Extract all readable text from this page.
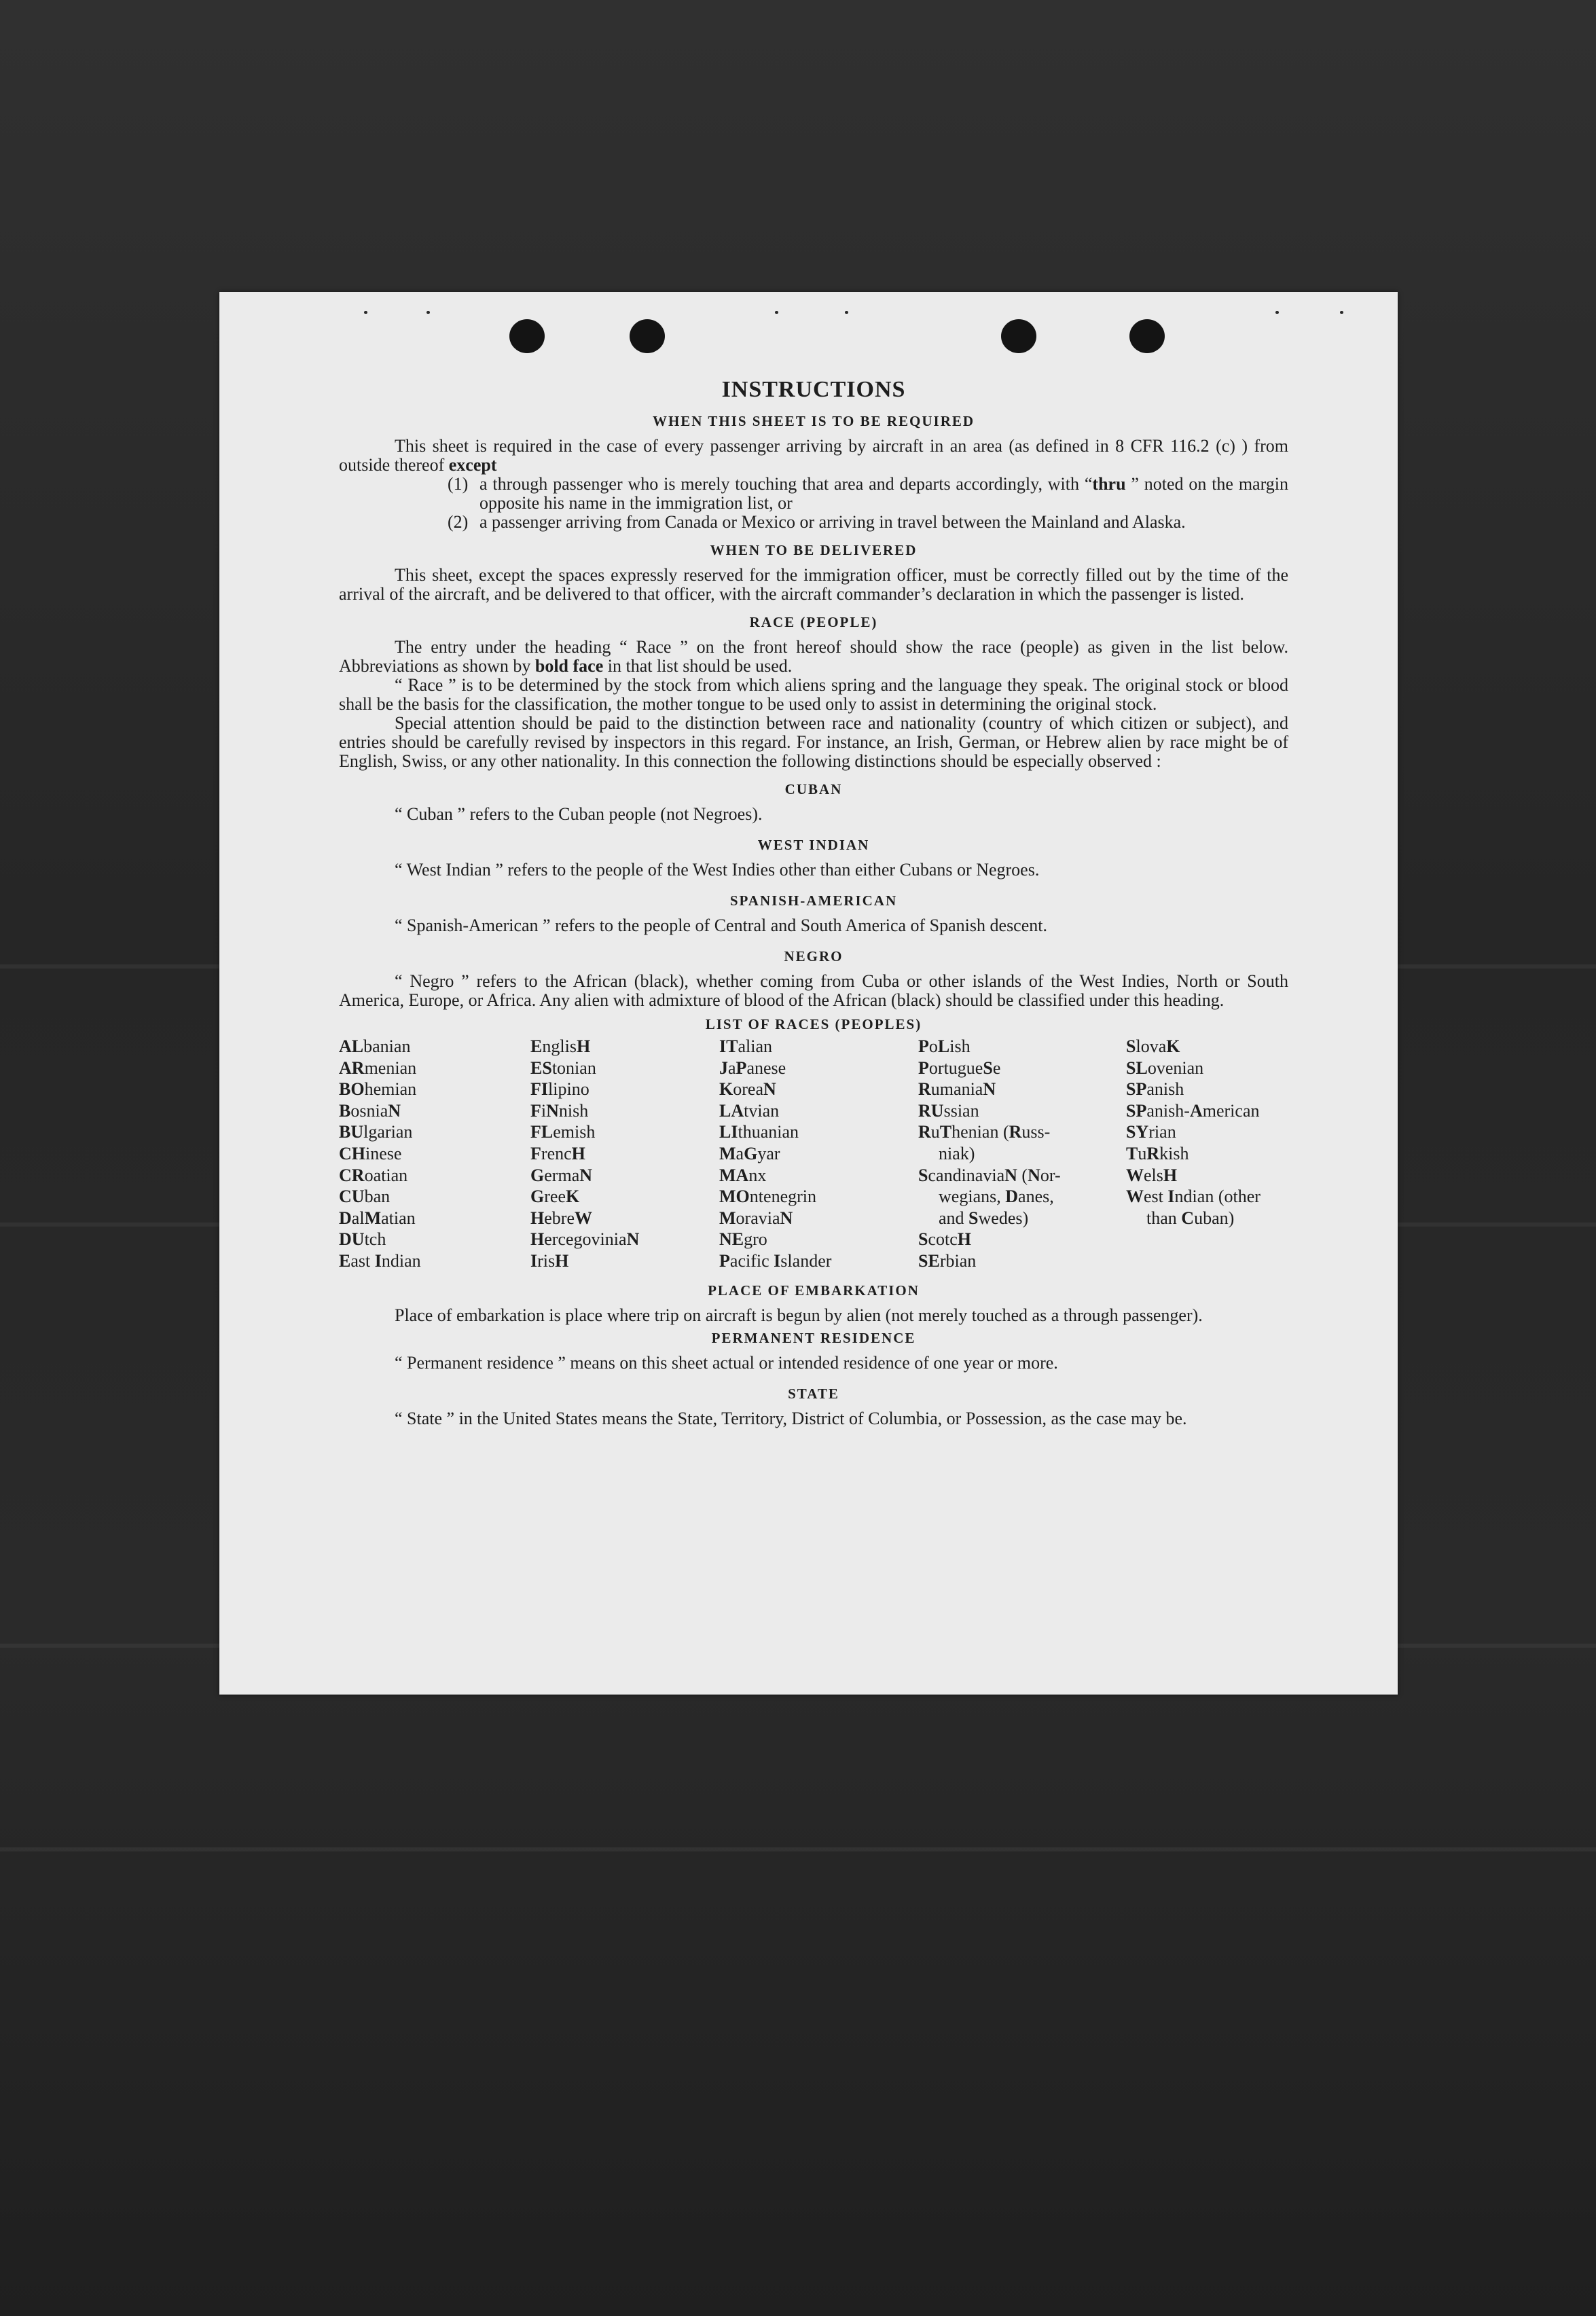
INSTRUCTIONS
WHEN THIS SHEET IS TO BE REQUIRED

This sheet is required in the case of every passenger arriving by aircraft in an area (as defined in 8 CFR 116.2 (c) ) from outside thereof except

(1) a through passenger who is merely touching that area and departs accordingly, with “thru ” noted on the margin opposite his name in the immigration list, or
(2) a passenger arriving from Canada or Mexico or arriving in travel between the Mainland and Alaska.
WHEN TO BE DELIVERED

This sheet, except the spaces expressly reserved for the immigration officer, must be correctly filled out by the time of the arrival of the aircraft, and be delivered to that officer, with the aircraft commander’s declaration in which the passenger is listed.

RACE (PEOPLE)

The entry under the heading “ Race ” on the front hereof should show the race (people) as given in the list below. Abbreviations as shown by bold face in that list should be used.

“ Race ” is to be determined by the stock from which aliens spring and the language they speak. The original stock or blood shall be the basis for the classification, the mother tongue to be used only to assist in determining the original stock.

Special attention should be paid to the distinction between race and nationality (country of which citizen or subject), and entries should be carefully revised by inspectors in this regard. For instance, an Irish, German, or Hebrew alien by race might be of English, Swiss, or any other nationality. In this connection the following distinctions should be especially observed :

CUBAN

“ Cuban ” refers to the Cuban people (not Negroes).

WEST INDIAN

“ West Indian ” refers to the people of the West Indies other than either Cubans or Negroes.

SPANISH-AMERICAN

“ Spanish-American ” refers to the people of Central and South America of Spanish descent.

NEGRO

“ Negro ” refers to the African (black), whether coming from Cuba or other islands of the West Indies, North or South America, Europe, or Africa. Any alien with admixture of blood of the African (black) should be classified under this heading.

LIST OF RACES (PEOPLES)
ALbanian
ARmenian
BOhemian
BosniaN
BUlgarian
CHinese
CRoatian
CUban
DalMatian
DUtch
East Indian
EnglisH
EStonian
FIlipino
FiNnish
FLemish
FrencH
GermaN
GreeK
HebreW
HercegoviniaN
IrisH
ITalian
JaPanese
KoreaN
LAtvian
LIthuanian
MaGyar
MAnx
MOntenegrin
MoraviaN
NEgro
Pacific Islander
PoLish
PortugueSe
RumaniaN
RUssian
RuThenian (Russ-
niak)
ScandinaviaN (Nor-
wegians, Danes,
and Swedes)
ScotcH
SErbian
SlovaK
SLovenian
SPanish
SPanish-American
SYrian
TuRkish
WelsH
West Indian (other
than Cuban)
PLACE OF EMBARKATION

Place of embarkation is place where trip on aircraft is begun by alien (not merely touched as a through passenger).

PERMANENT RESIDENCE

“ Permanent residence ” means on this sheet actual or intended residence of one year or more.

STATE

“ State ” in the United States means the State, Territory, District of Columbia, or Possession, as the case may be.
